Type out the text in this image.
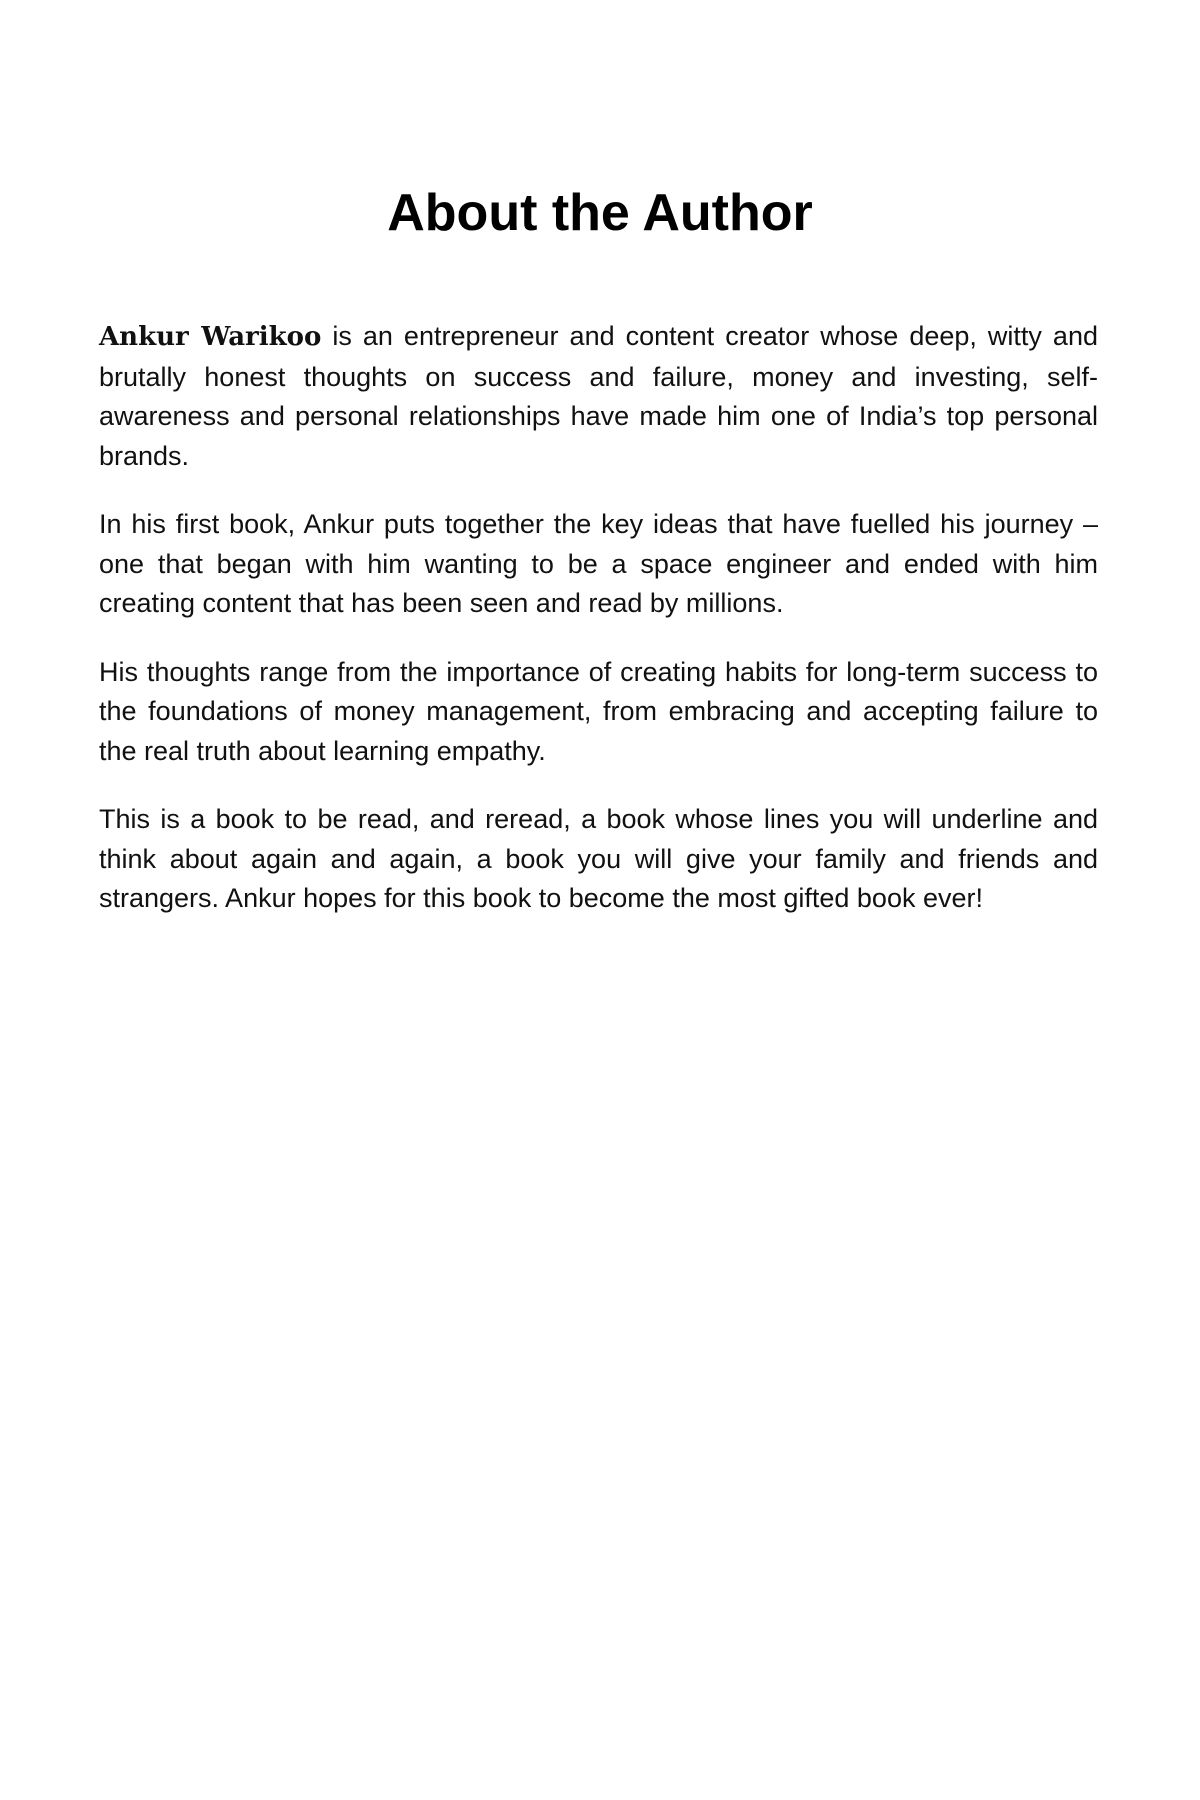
About the Author

Ankur Warikoo is an entrepreneur and content creator whose deep, witty and brutally honest thoughts on success and failure, money and investing, self-awareness and personal relationships have made him one of India’s top personal brands.

In his first book, Ankur puts together the key ideas that have fuelled his journey – one that began with him wanting to be a space engineer and ended with him creating content that has been seen and read by millions.

His thoughts range from the importance of creating habits for long-term success to the foundations of money management, from embracing and accepting failure to the real truth about learning empathy.

This is a book to be read, and reread, a book whose lines you will underline and think about again and again, a book you will give your family and friends and strangers. Ankur hopes for this book to become the most gifted book ever!
